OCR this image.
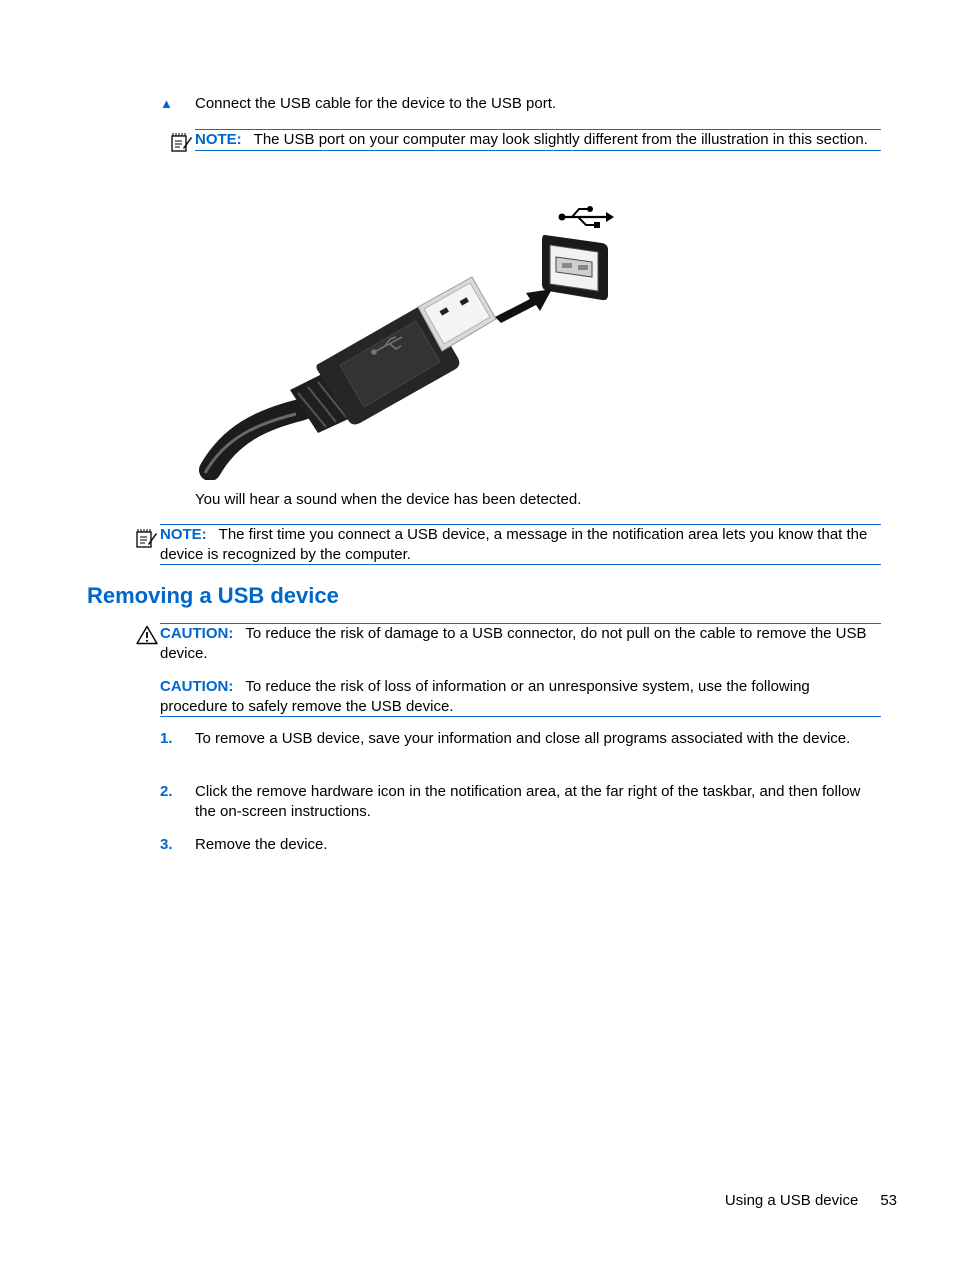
▲ Connect the USB cable for the device to the USB port.
NOTE: The USB port on your computer may look slightly different from the illustration in this section.
You will hear a sound when the device has been detected.
NOTE: The first time you connect a USB device, a message in the notification area lets you know that the device is recognized by the computer.
Removing a USB device
CAUTION: To reduce the risk of damage to a USB connector, do not pull on the cable to remove the USB device.
CAUTION: To reduce the risk of loss of information or an unresponsive system, use the following procedure to safely remove the USB device.
1. To remove a USB device, save your information and close all programs associated with the device.
2. Click the remove hardware icon in the notification area, at the far right of the taskbar, and then follow the on-screen instructions.
3. Remove the device.
Using a USB device 53
